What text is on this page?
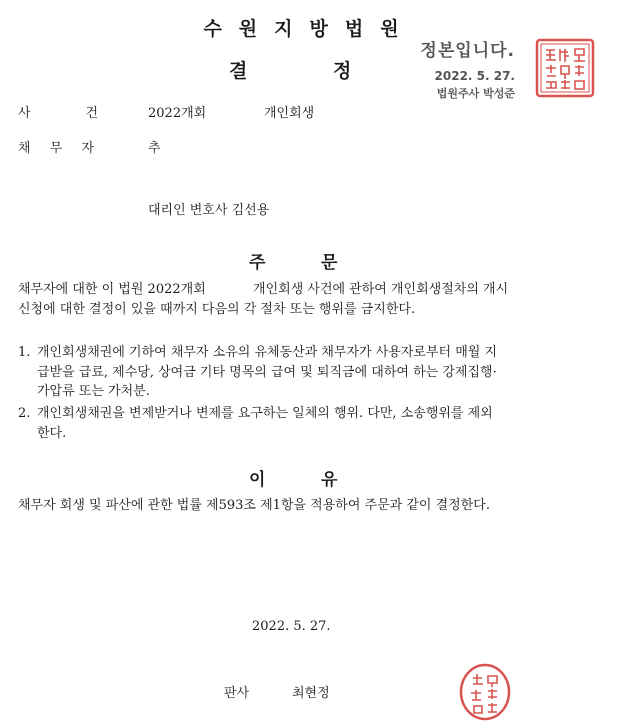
수원지방법원
결	정
정본입니다.
2022. 5. 27.
법원주사 박성준
사	건	2022개회	개인회생
채 무 자	추
대리인 변호사 김선용
주	문
채무자에 대한 이 법원 2022개회 　　　 개인회생 사건에 관하여 개인회생절차의 개시
신청에 대한 결정이 있을 때까지 다음의 각 절차 또는 행위를 금지한다.
1. 개인회생채권에 기하여 채무자 소유의 유체동산과 채무자가 사용자로부터 매월 지
급받을 급료, 제수당, 상여금 기타 명목의 급여 및 퇴직금에 대하여 하는 강제집행·
가압류 또는 가처분.
2. 개인회생채권을 변제받거나 변제를 요구하는 일체의 행위. 다만, 소송행위를 제외
한다.
이	유
채무자 회생 및 파산에 관한 법률 제593조 제1항을 적용하여 주문과 같이 결정한다.
2022. 5. 27.
판사	최현정
